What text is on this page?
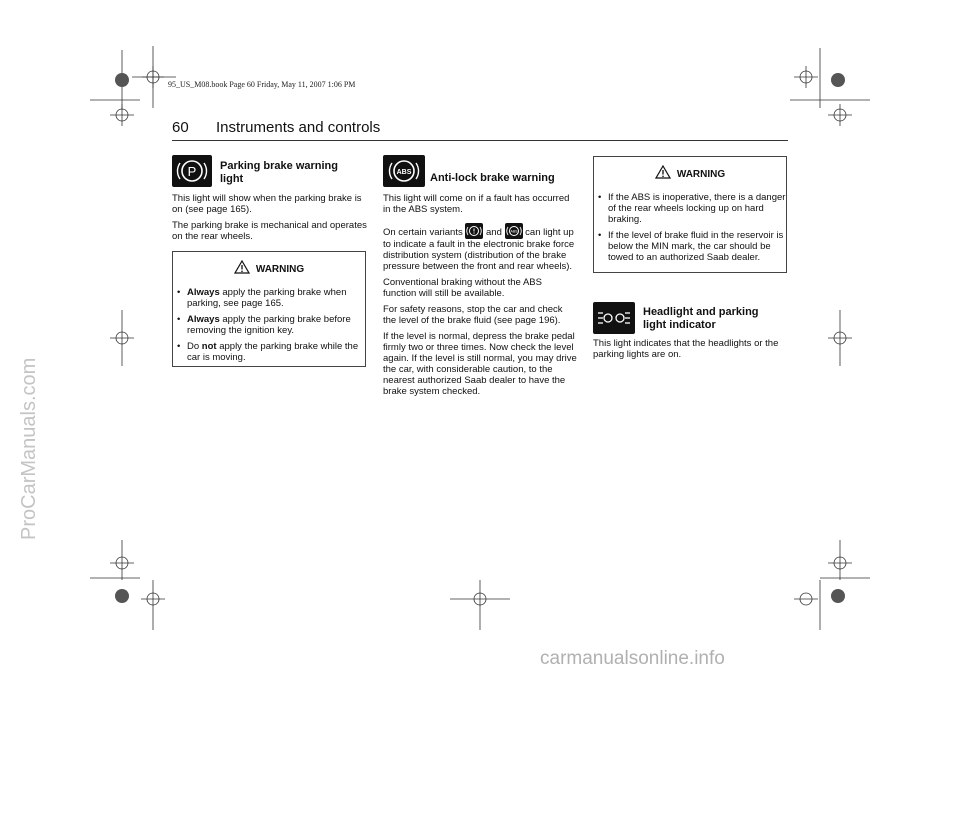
95_US_M08.book Page 60 Friday, May 11, 2007 1:06 PM
ProCarManuals.com
60 Instruments and controls
P Parking brake warning
light

This light will show when the parking brake is on (see page 165).

The parking brake is mechanical and operates on the rear wheels.

WARNING
• Always apply the parking brake when parking, see page 165.
• Always apply the parking brake before removing the ignition key.
• Do not apply the parking brake while the car is moving.
ABS Anti-lock brake warning

This light will come on if a fault has occurred in the ABS system.

On certain variants and ABS can light up to indicate a fault in the electronic brake force distribution system (distribution of the brake pressure between the front and rear wheels).

Conventional braking without the ABS function will still be available.

For safety reasons, stop the car and check the level of the brake fluid (see page 196).

If the level is normal, depress the brake pedal firmly two or three times. Now check the level again. If the level is still normal, you may drive the car, with considerable caution, to the nearest authorized Saab dealer to have the brake system checked.

WARNING
• If the ABS is inoperative, there is a danger of the rear wheels locking up on hard braking.
• If the level of brake fluid in the reservoir is below the MIN mark, the car should be towed to an authorized Saab dealer.
Headlight and parking
light indicator

This light indicates that the headlights or the parking lights are on.

carmanualsonline.info
